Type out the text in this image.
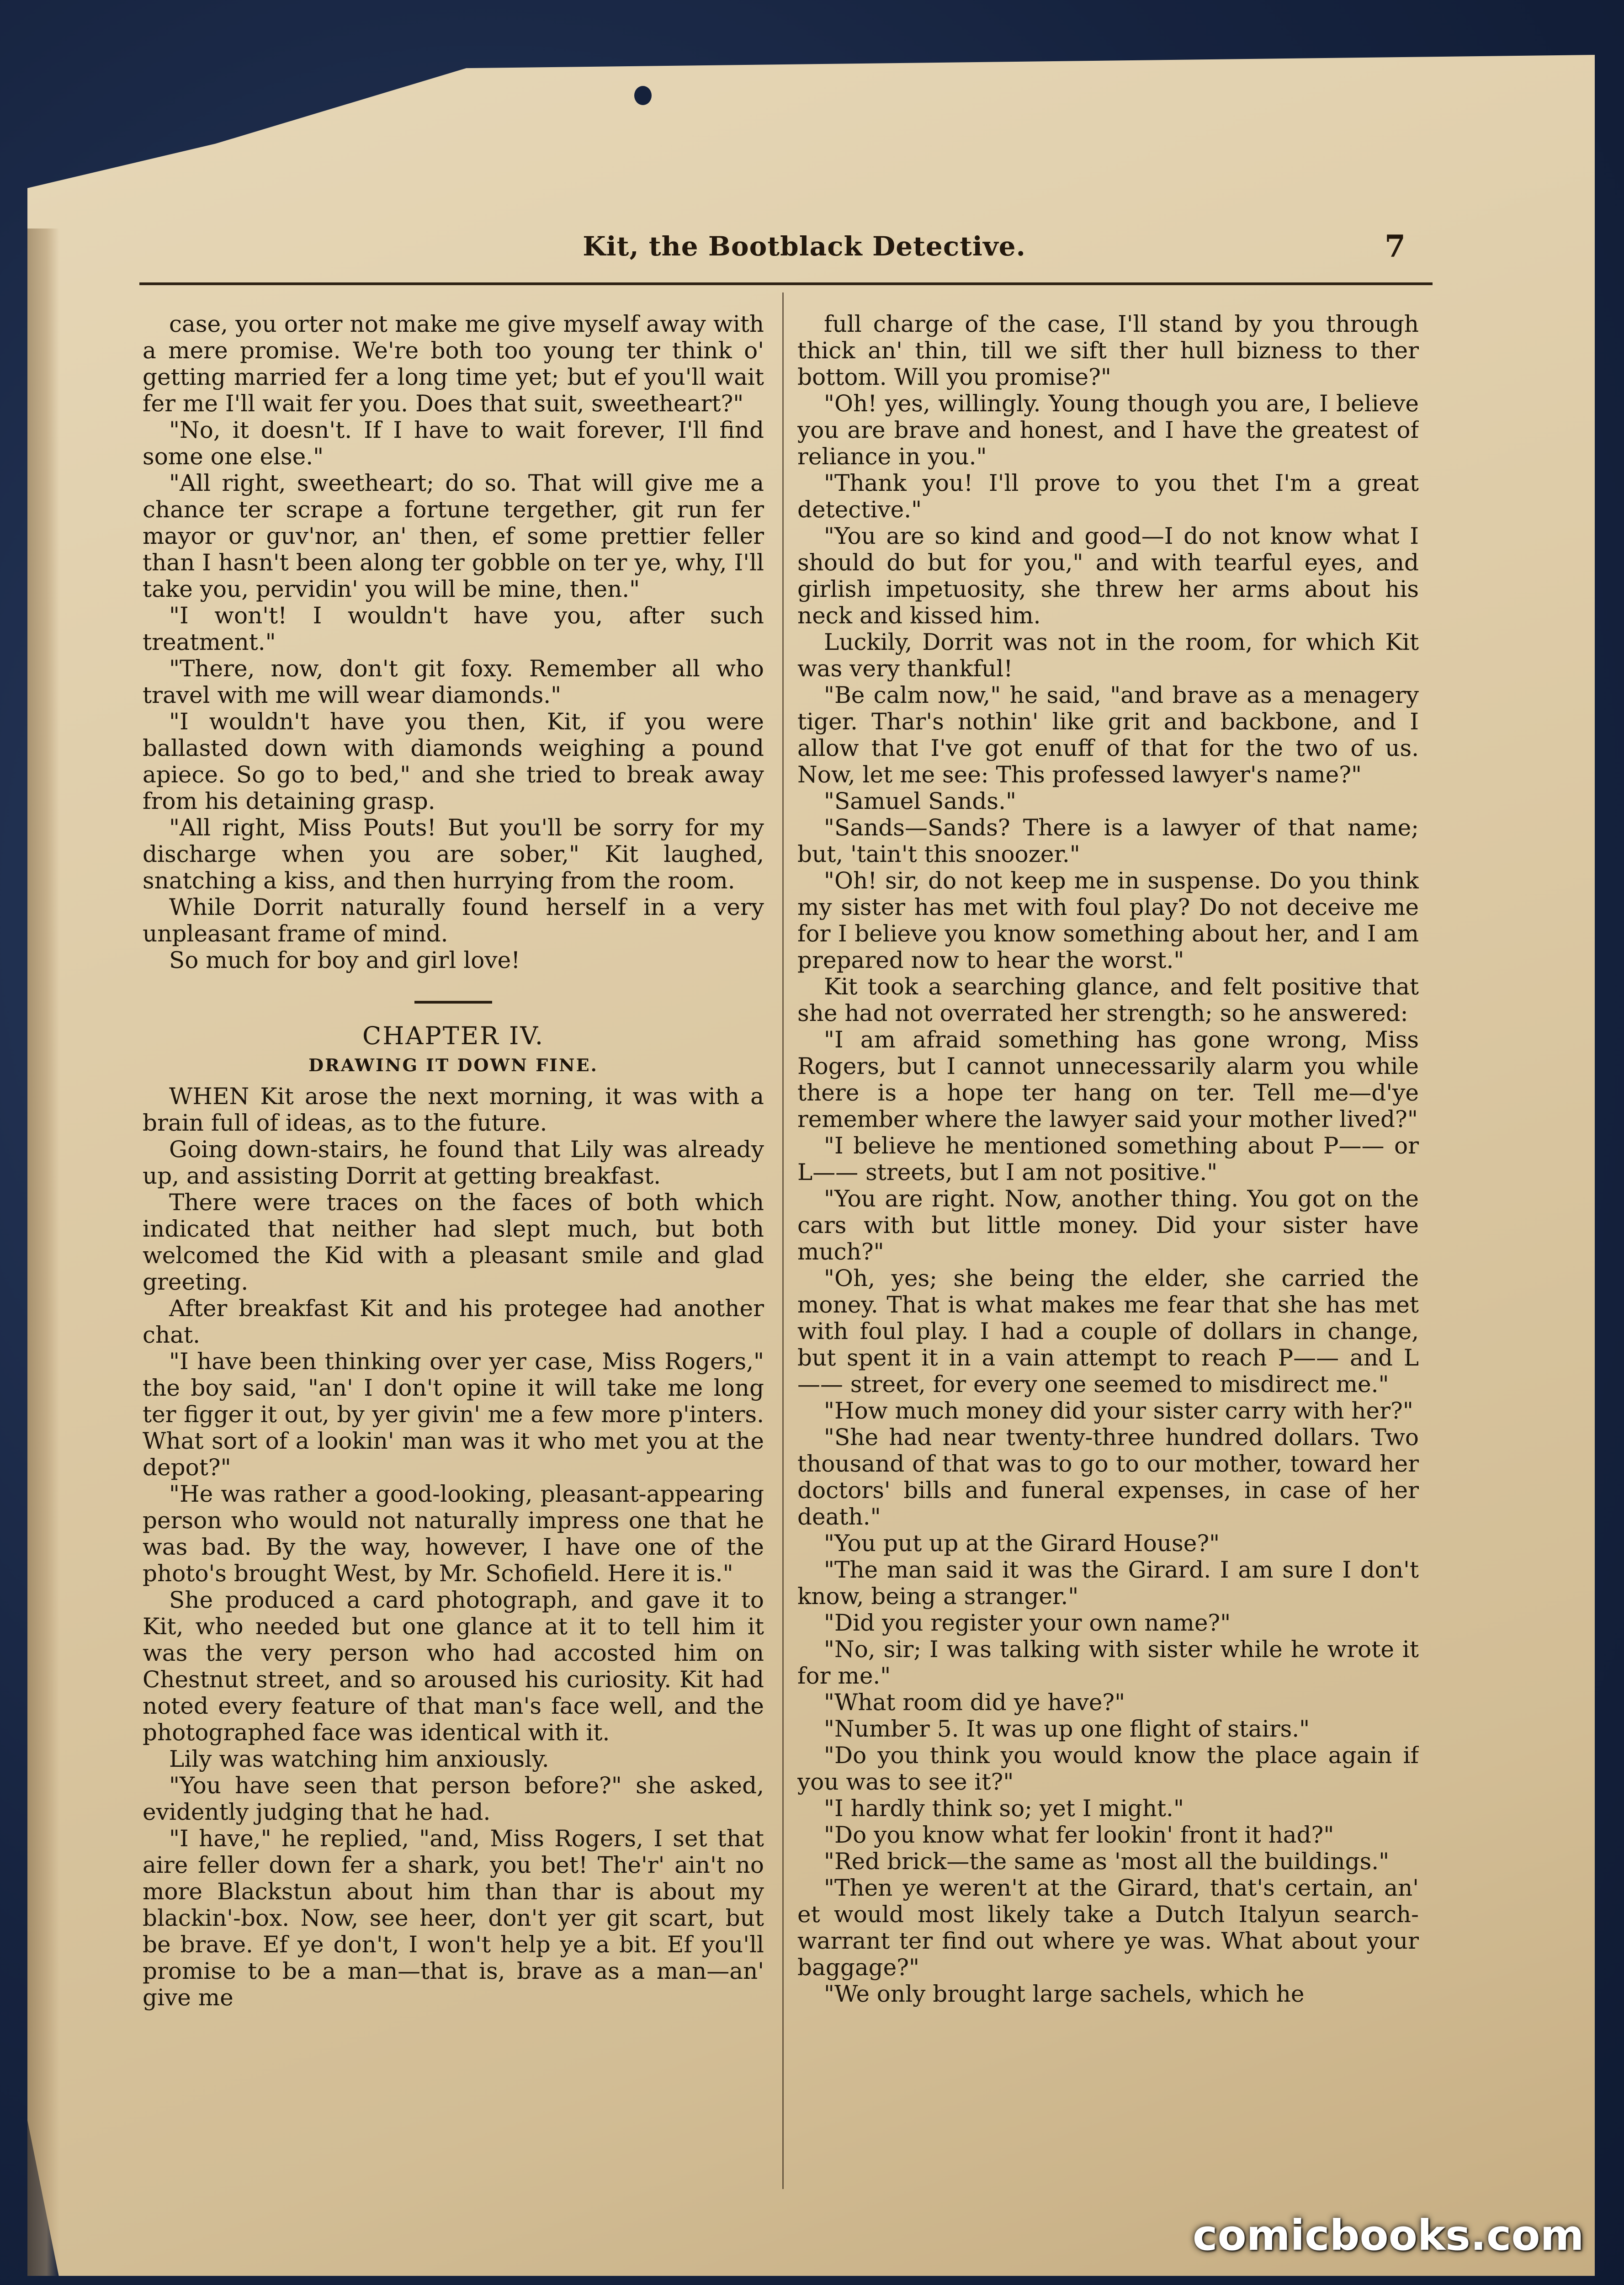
Kit, the Bootblack Detective.	7

case, you orter not make me give myself away with a mere promise. We're both too young ter think o' getting married fer a long time yet; but ef you'll wait fer me I'll wait fer you. Does that suit, sweetheart?"

"No, it doesn't. If I have to wait forever, I'll find some one else."

"All right, sweetheart; do so. That will give me a chance ter scrape a fortune tergether, git run fer mayor or guv'nor, an' then, ef some prettier feller than I hasn't been along ter gobble on ter ye, why, I'll take you, pervidin' you will be mine, then."

"I won't! I wouldn't have you, after such treatment."

"There, now, don't git foxy. Remember all who travel with me will wear diamonds."

"I wouldn't have you then, Kit, if you were ballasted down with diamonds weighing a pound apiece. So go to bed," and she tried to break away from his detaining grasp.

"All right, Miss Pouts! But you'll be sorry for my discharge when you are sober," Kit laughed, snatching a kiss, and then hurrying from the room.

While Dorrit naturally found herself in a very unpleasant frame of mind.

So much for boy and girl love!

CHAPTER IV.
DRAWING IT DOWN FINE.

WHEN Kit arose the next morning, it was with a brain full of ideas, as to the future.

Going down-stairs, he found that Lily was already up, and assisting Dorrit at getting breakfast.

There were traces on the faces of both which indicated that neither had slept much, but both welcomed the Kid with a pleasant smile and glad greeting.

After breakfast Kit and his protegee had another chat.

"I have been thinking over yer case, Miss Rogers," the boy said, "an' I don't opine it will take me long ter figger it out, by yer givin' me a few more p'inters. What sort of a lookin' man was it who met you at the depot?"

"He was rather a good-looking, pleasant-appearing person who would not naturally impress one that he was bad. By the way, however, I have one of the photo's brought West, by Mr. Schofield. Here it is."

She produced a card photograph, and gave it to Kit, who needed but one glance at it to tell him it was the very person who had accosted him on Chestnut street, and so aroused his curiosity. Kit had noted every feature of that man's face well, and the photographed face was identical with it.

Lily was watching him anxiously.

"You have seen that person before?" she asked, evidently judging that he had.

"I have," he replied, "and, Miss Rogers, I set that aire feller down fer a shark, you bet! The'r' ain't no more Blackstun about him than thar is about my blackin'-box. Now, see heer, don't yer git scart, but be brave. Ef ye don't, I won't help ye a bit. Ef you'll promise to be a man—that is, brave as a man—an' give me

full charge of the case, I'll stand by you through thick an' thin, till we sift ther hull bizness to ther bottom. Will you promise?"

"Oh! yes, willingly. Young though you are, I believe you are brave and honest, and I have the greatest of reliance in you."

"Thank you! I'll prove to you thet I'm a great detective."

"You are so kind and good—I do not know what I should do but for you," and with tearful eyes, and girlish impetuosity, she threw her arms about his neck and kissed him.

Luckily, Dorrit was not in the room, for which Kit was very thankful!

"Be calm now," he said, "and brave as a menagery tiger. Thar's nothin' like grit and backbone, and I allow that I've got enuff of that for the two of us. Now, let me see: This professed lawyer's name?"

"Samuel Sands."

"Sands—Sands? There is a lawyer of that name; but, 'tain't this snoozer."

"Oh! sir, do not keep me in suspense. Do you think my sister has met with foul play? Do not deceive me for I believe you know something about her, and I am prepared now to hear the worst."

Kit took a searching glance, and felt positive that she had not overrated her strength; so he answered:

"I am afraid something has gone wrong, Miss Rogers, but I cannot unnecessarily alarm you while there is a hope ter hang on ter. Tell me—d'ye remember where the lawyer said your mother lived?"

"I believe he mentioned something about P—— or L—— streets, but I am not positive."

"You are right. Now, another thing. You got on the cars with but little money. Did your sister have much?"

"Oh, yes; she being the elder, she carried the money. That is what makes me fear that she has met with foul play. I had a couple of dollars in change, but spent it in a vain attempt to reach P—— and L—— street, for every one seemed to misdirect me."

"How much money did your sister carry with her?"

"She had near twenty-three hundred dollars. Two thousand of that was to go to our mother, toward her doctors' bills and funeral expenses, in case of her death."

"You put up at the Girard House?"

"The man said it was the Girard. I am sure I don't know, being a stranger."

"Did you register your own name?"

"No, sir; I was talking with sister while he wrote it for me."

"What room did ye have?"

"Number 5. It was up one flight of stairs."

"Do you think you would know the place again if you was to see it?"

"I hardly think so; yet I might."

"Do you know what fer lookin' front it had?"

"Red brick—the same as 'most all the buildings."

"Then ye weren't at the Girard, that's certain, an' et would most likely take a Dutch Italyun search-warrant ter find out where ye was. What about your baggage?"

"We only brought large sachels, which he

comicbooks.com
